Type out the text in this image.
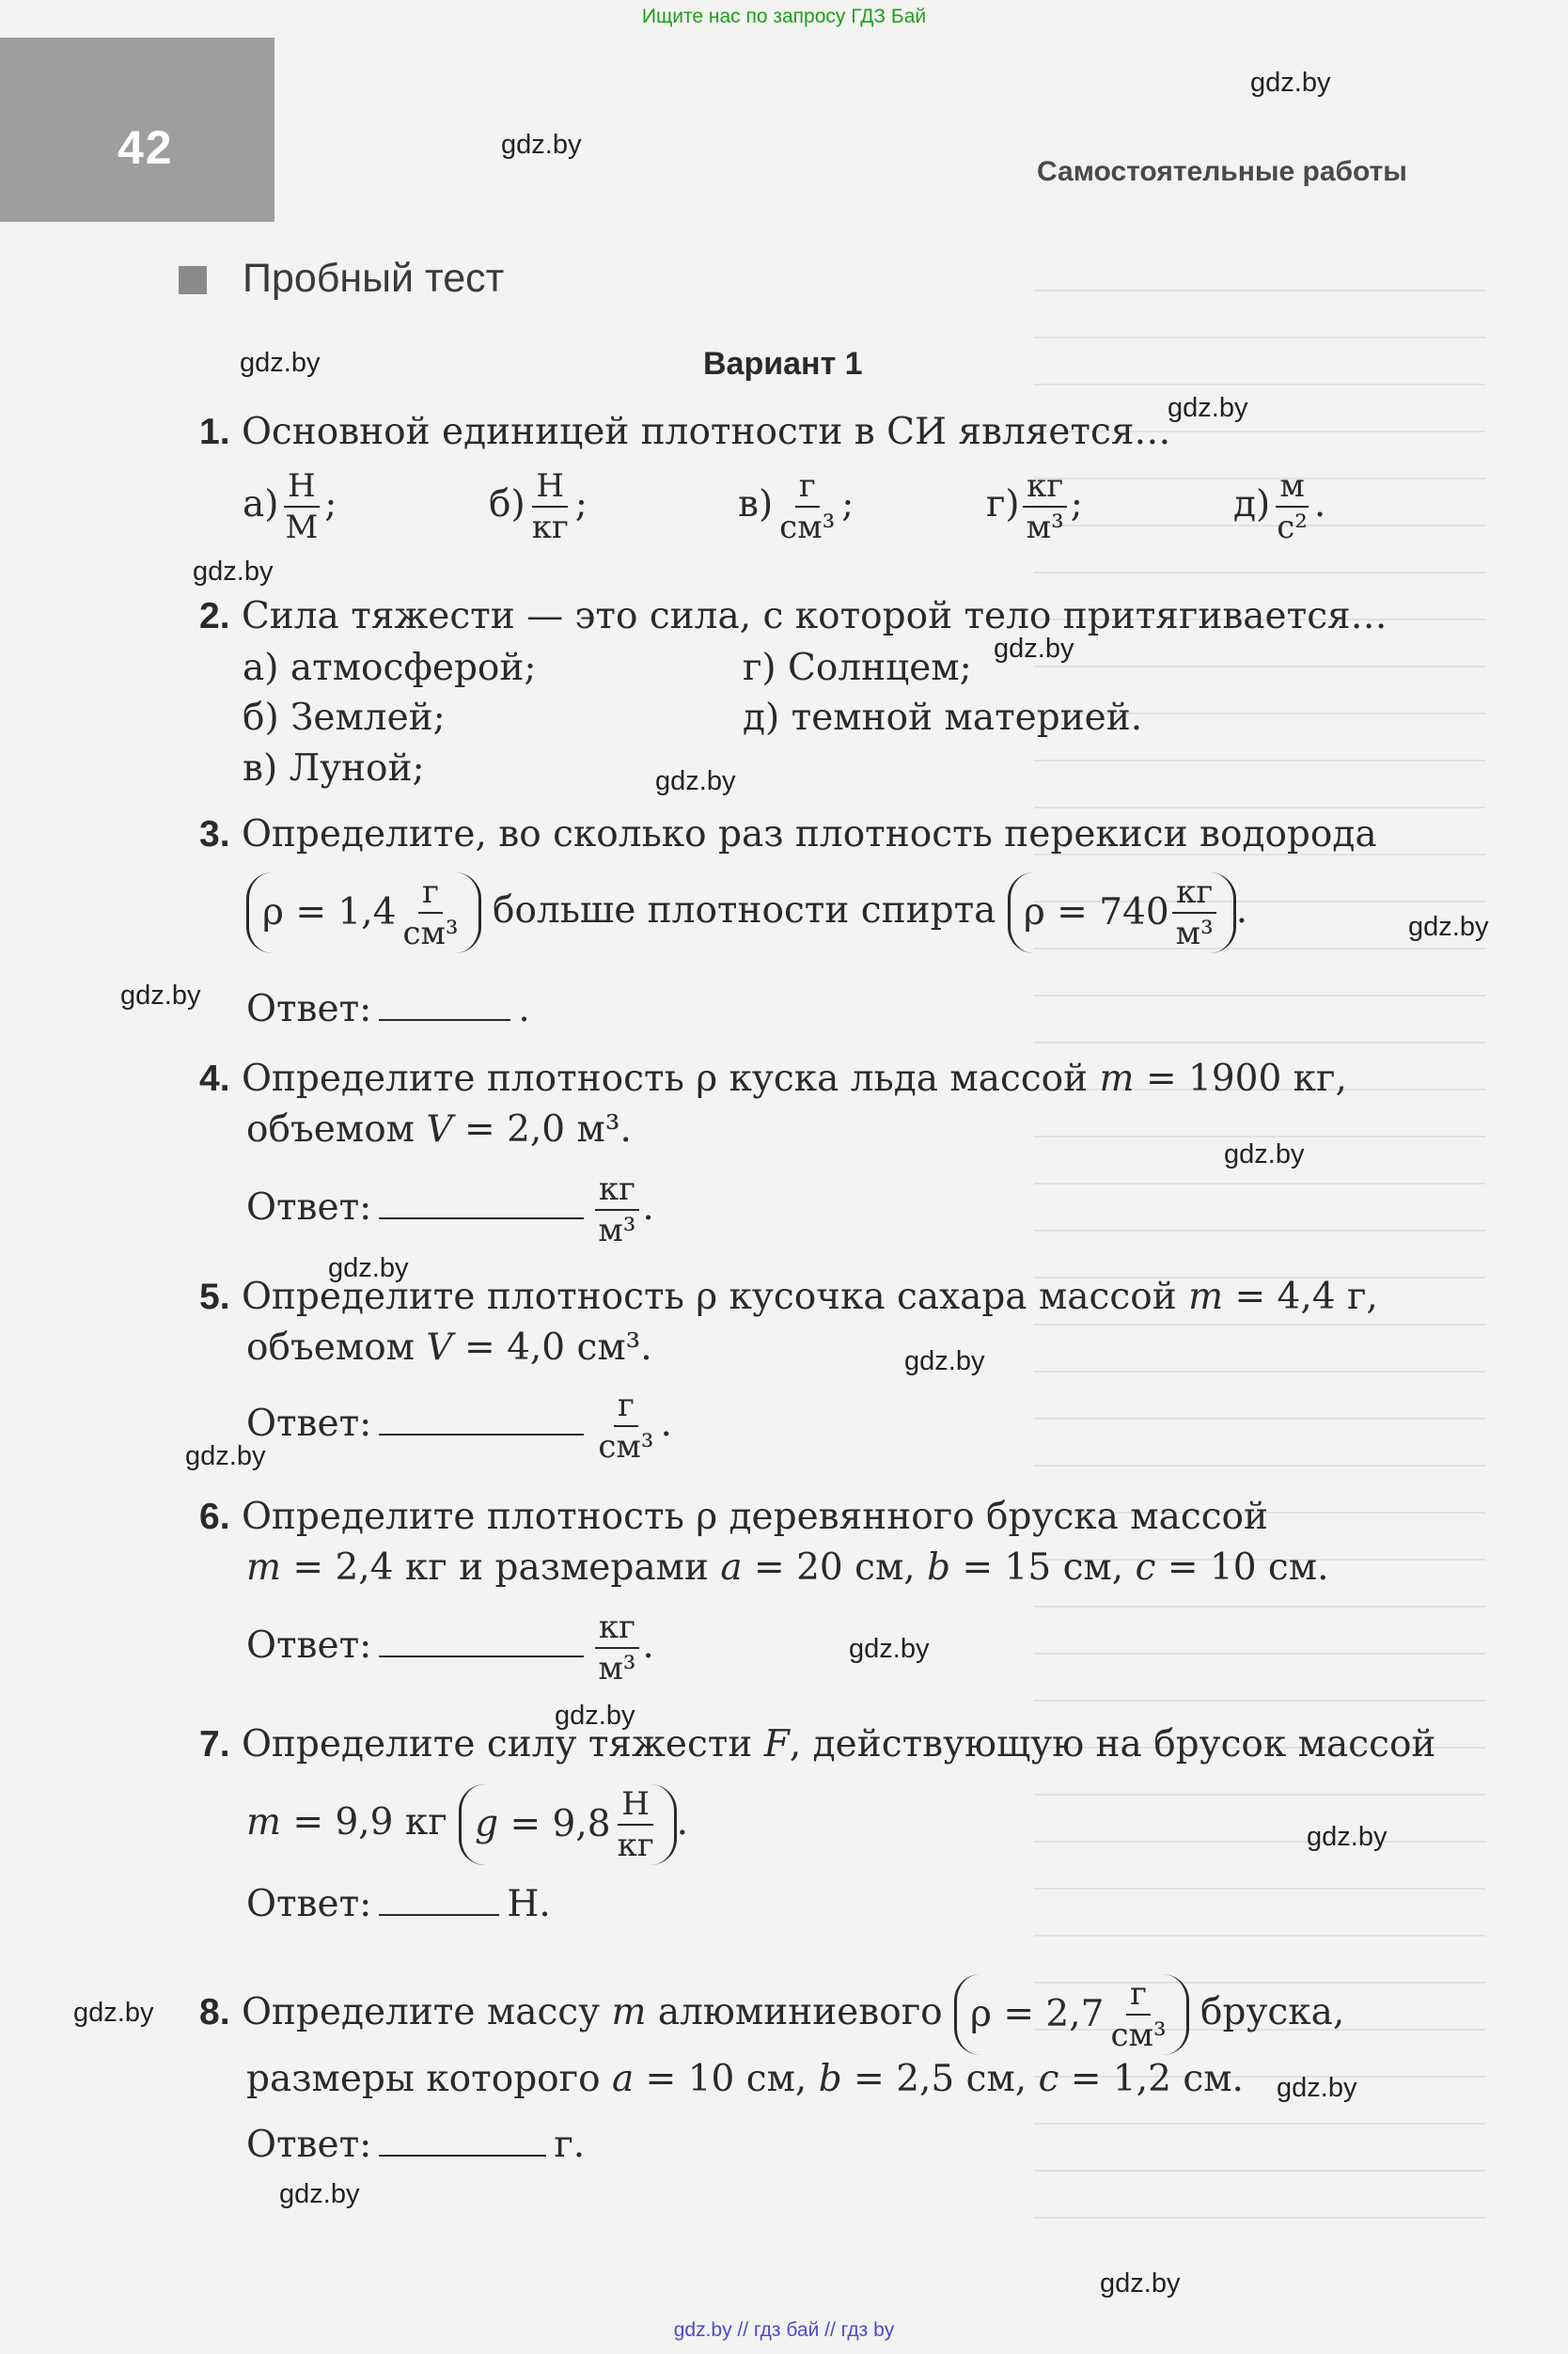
Ищите нас по запросу ГДЗ Бай
42	Самостоятельные работы
Пробный тест
Вариант 1
gdz.by
gdz.by
gdz.by
gdz.by
gdz.by
gdz.by
gdz.by
gdz.by
gdz.by
gdz.by
gdz.by
gdz.by
gdz.by
gdz.by
gdz.by
gdz.by
gdz.by
gdz.by
gdz.by
gdz.by
1. Основной единицей плотности в СИ является…
$а) \frac{Н}{М}$ ;	$б) \frac{Н}{кг}$ ;	$в) \frac{г}{\text{см³}}$ ;	$г) \frac{кг}{\text{м³}}$ ;	$д) \frac{м}{\text{с²}}$ .
2. Сила тяжести — это сила, с которой тело притягивается…
а) атмосферой;	г) Солнцем;
б) Землей;	д) темной материей.
в) Луной;
3. Определите, во сколько раз плотность перекиси водорода
$\rho = 1,4 \frac{г}{\text{см³}}$ больше плотности спирта $\rho = 740 \frac{кг}{\text{м³}}$ .
Ответ:	.
4. Определите плотность ρ куска льда массой m = 1900 кг,
объемом V = 2,0 м³.
Ответ:	$\frac{кг}{\text{м³}}$ .
5. Определите плотность ρ кусочка сахара массой m = 4,4 г,
объемом V = 4,0 см³.
Ответ:	$\frac{г}{\text{см³}}$ .
6. Определите плотность ρ деревянного бруска массой
m = 2,4 кг и размерами a = 20 см, b = 15 см, c = 10 см.
Ответ:	$\frac{кг}{\text{м³}}$ .
7. Определите силу тяжести F, действующую на брусок массой
m = 9,9 кг g
= $9,8 \frac{Н}{кг}$ .
Ответ:	Н.
8. Определите массу m алюминиевого $\rho = 2,7 \frac{г}{\text{см³}}$ бруска,
размеры которого a = 10 см, b = 2,5 см, c = 1,2 см.
Ответ:	г.
gdz.by // гдз бай // гдз by
